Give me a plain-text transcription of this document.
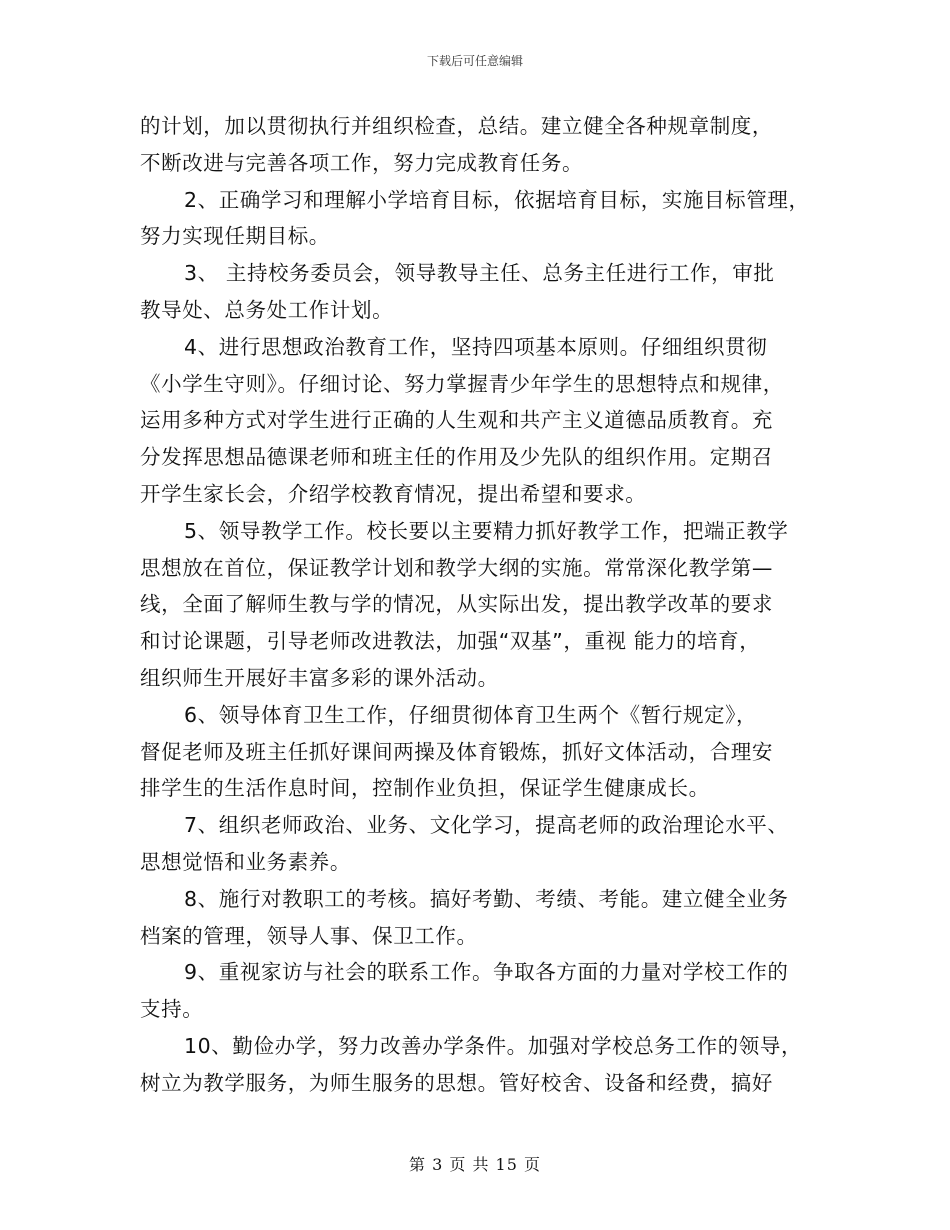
下载后可任意编辑
的计划，加以贯彻执行并组织检查，总结。建立健全各种规章制度，
不断改进与完善各项工作，努力完成教育任务。
2、正确学习和理解小学培育目标，依据培育目标，实施目标管理，
努力实现任期目标。
3、 主持校务委员会，领导教导主任、总务主任进行工作，审批
教导处、总务处工作计划。
4、进行思想政治教育工作，坚持四项基本原则。仔细组织贯彻
《小学生守则》。仔细讨论、努力掌握青少年学生的思想特点和规律，
运用多种方式对学生进行正确的人生观和共产主义道德品质教育。充
分发挥思想品德课老师和班主任的作用及少先队的组织作用。定期召
开学生家长会，介绍学校教育情况，提出希望和要求。
5、领导教学工作。校长要以主要精力抓好教学工作，把端正教学
思想放在首位，保证教学计划和教学大纲的实施。常常深化教学第—
线，全面了解师生教与学的情况，从实际出发，提出教学改革的要求
和讨论课题，引导老师改进教法，加强“双基”，重视 能力的培育，
组织师生开展好丰富多彩的课外活动。
6、领导体育卫生工作，仔细贯彻体育卫生两个《暂行规定》，
督促老师及班主任抓好课间两操及体育锻炼，抓好文体活动，合理安
排学生的生活作息时间，控制作业负担，保证学生健康成长。
7、组织老师政治、业务、文化学习，提高老师的政治理论水平、
思想觉悟和业务素养。
8、施行对教职工的考核。搞好考勤、考绩、考能。建立健全业务
档案的管理，领导人事、保卫工作。
9、重视家访与社会的联系工作。争取各方面的力量对学校工作的
支持。
10、勤俭办学，努力改善办学条件。加强对学校总务工作的领导，
树立为教学服务，为师生服务的思想。管好校舍、设备和经费，搞好
第 3 页 共 15 页
